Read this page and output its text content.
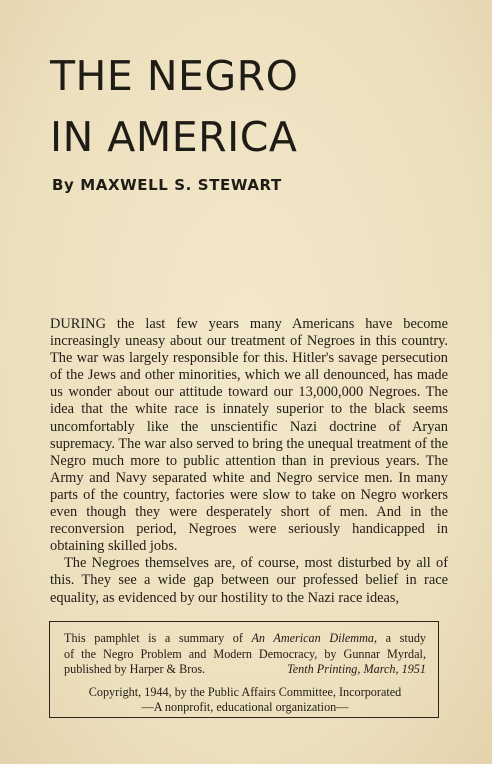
THE NEGRO
IN AMERICA
By MAXWELL S. STEWART

DURING the last few years many Americans have become increasingly uneasy about our treatment of Negroes in this country. The war was largely responsible for this. Hitler's savage persecution of the Jews and other minorities, which we all denounced, has made us wonder about our attitude toward our 13,000,000 Negroes. The idea that the white race is innately superior to the black seems uncomfortably like the unscientific Nazi doctrine of Aryan supremacy. The war also served to bring the unequal treatment of the Negro much more to public attention than in previous years. The Army and Navy separated white and Negro service men. In many parts of the country, factories were slow to take on Negro workers even though they were desperately short of men. And in the reconversion period, Negroes were seriously handicapped in obtaining skilled jobs.

The Negroes themselves are, of course, most disturbed by all of this. They see a wide gap between our professed belief in race equality, as evidenced by our hostility to the Nazi race ideas,

This pamphlet is a summary of An American Dilemma, a study
of the Negro Problem and Modern Democracy, by Gunnar Myrdal,
published by Harper & Bros.	Tenth Printing, March, 1951
Copyright, 1944, by the Public Affairs Committee, Incorporated
—A nonprofit, educational organization—
